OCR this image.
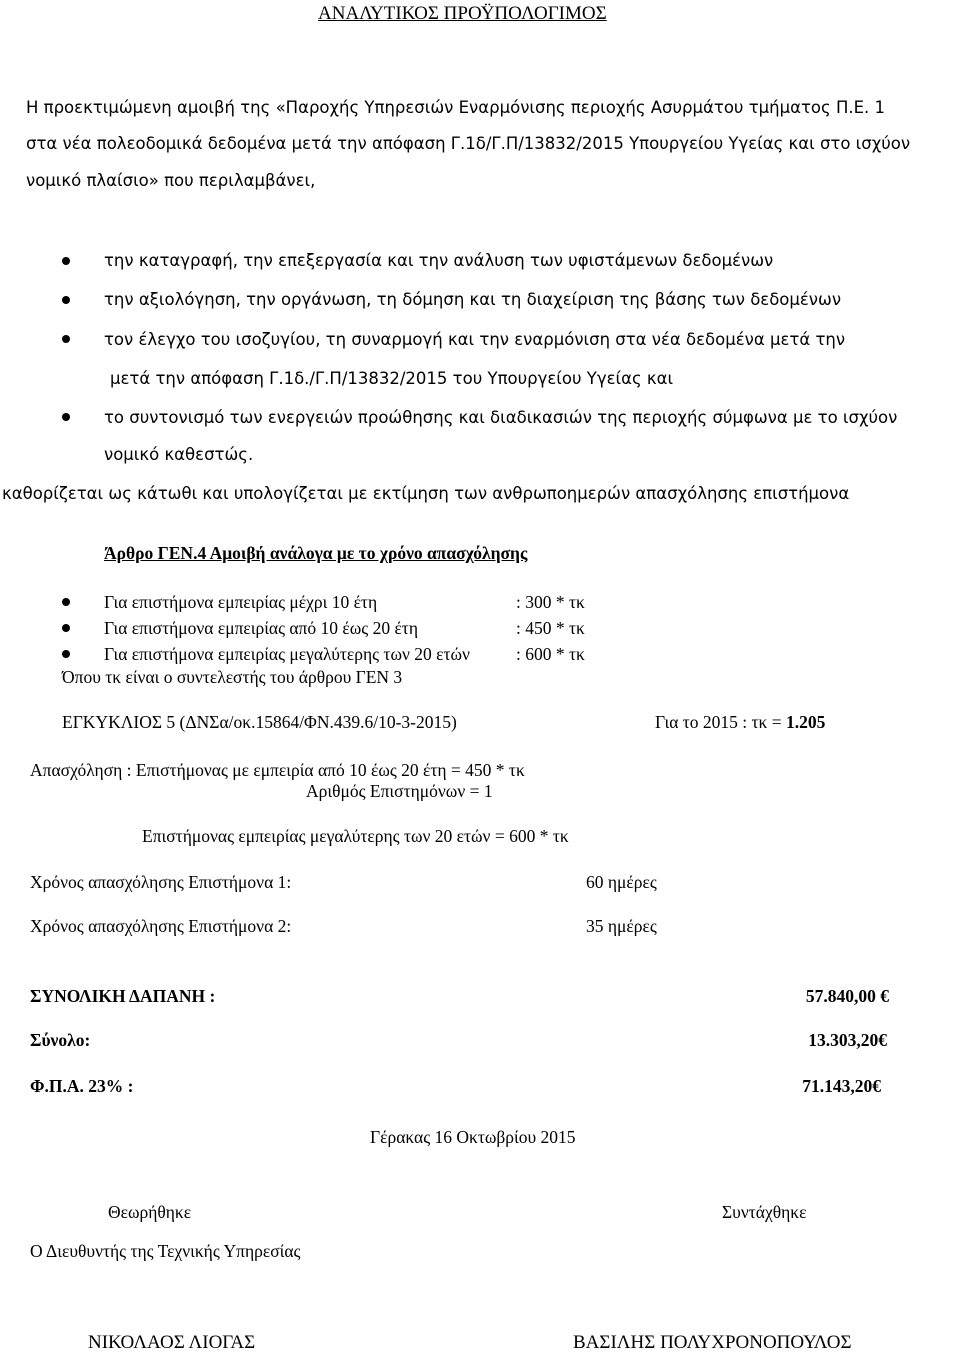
ΑΝΑΛΥΤΙΚΟΣ ΠΡΟΫΠΟΛΟΓΙΜΟΣ
Η προεκτιμώμενη αμοιβή της «Παροχής Υπηρεσιών Εναρμόνισης περιοχής Ασυρμάτου τμήματος Π.Ε. 1
στα νέα πολεοδομικά δεδομένα μετά την απόφαση Γ.1δ/Γ.Π/13832/2015 Υπουργείου Υγείας και στο ισχύον
νομικό πλαίσιο» που περιλαμβάνει,
την καταγραφή, την επεξεργασία και την ανάλυση των υφιστάμενων δεδομένων
την αξιολόγηση, την οργάνωση, τη δόμηση και τη διαχείριση της βάσης των δεδομένων
τον έλεγχο του ισοζυγίου, τη συναρμογή και την εναρμόνιση στα νέα δεδομένα μετά την
μετά την απόφαση Γ.1δ./Γ.Π/13832/2015 του Υπουργείου Υγείας και
το συντονισμό των ενεργειών προώθησης και διαδικασιών της περιοχής σύμφωνα με το ισχύον
νομικό καθεστώς.
καθορίζεται ως κάτωθι και υπολογίζεται με εκτίμηση των ανθρωποημερών απασχόλησης επιστήμονα
Άρθρο ΓΕΝ.4 Αμοιβή ανάλογα με το χρόνο απασχόλησης
Για επιστήμονα εμπειρίας μέχρι 10 έτη	: 300 * τκ
Για επιστήμονα εμπειρίας από 10 έως 20 έτη	: 450 * τκ
Για επιστήμονα εμπειρίας μεγαλύτερης των 20 ετών	: 600 * τκ
Όπου τκ είναι ο συντελεστής του άρθρου ΓΕΝ 3
ΕΓΚΥΚΛΙΟΣ 5 (ΔΝΣα/οκ.15864/ΦΝ.439.6/10-3-2015)	Για το 2015 : τκ = 1.205
Απασχόληση : Επιστήμονας με εμπειρία από 10 έως 20 έτη = 450 * τκ
Αριθμός Επιστημόνων = 1
Επιστήμονας εμπειρίας μεγαλύτερης των 20 ετών = 600 * τκ
Χρόνος απασχόλησης Επιστήμονα 1:	60 ημέρες
Χρόνος απασχόλησης Επιστήμονα 2:	35 ημέρες
ΣΥΝΟΛΙΚΗ ΔΑΠΑΝΗ :	57.840,00 €
Σύνολο:	13.303,20€
Φ.Π.Α. 23% :	71.143,20€
Γέρακας 16 Οκτωβρίου 2015
Θεωρήθηκε	Συντάχθηκε
Ο Διευθυντής της Τεχνικής Υπηρεσίας
ΝΙΚΟΛΑΟΣ ΛΙΟΓΑΣ	ΒΑΣΙΛΗΣ ΠΟΛΥΧΡΟΝΟΠΟΥΛΟΣ
